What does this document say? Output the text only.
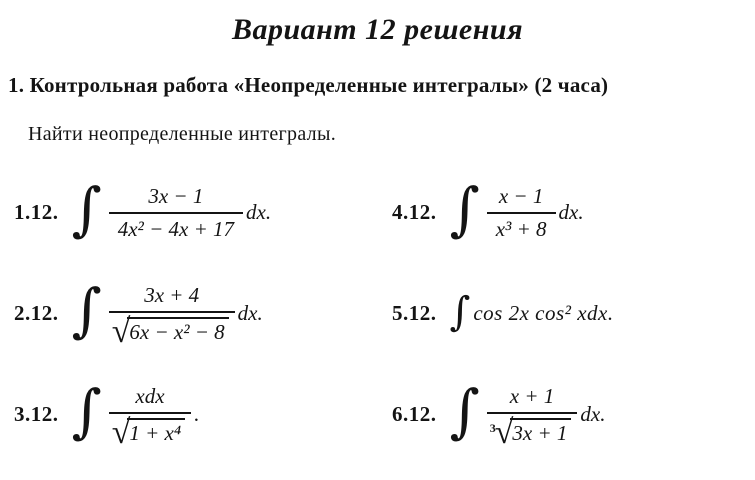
Вариант 12 решения
1. Контрольная работа «Неопределенные интегралы» (2 часа)
Найти неопределенные интегралы.
1.12. ∫ $\frac{3x - 1}{\text{4x² − 4x + 17}}$ dx.	4.12. ∫ $\frac{x - 1}{\text{x³ + 8}}$ dx.
2.12. ∫ $\frac{3x + 4}{\text{√ 6x − x² − 8}}$ dx.	5.12. ∫ cos 2x cos² xdx.
3.12. ∫ $\frac{\text{xdx}}{\text{√ 1 + x⁴}}$ .	6.12. ∫ $\frac{x + 1}{3 √ 3x + 1}$ dx.
